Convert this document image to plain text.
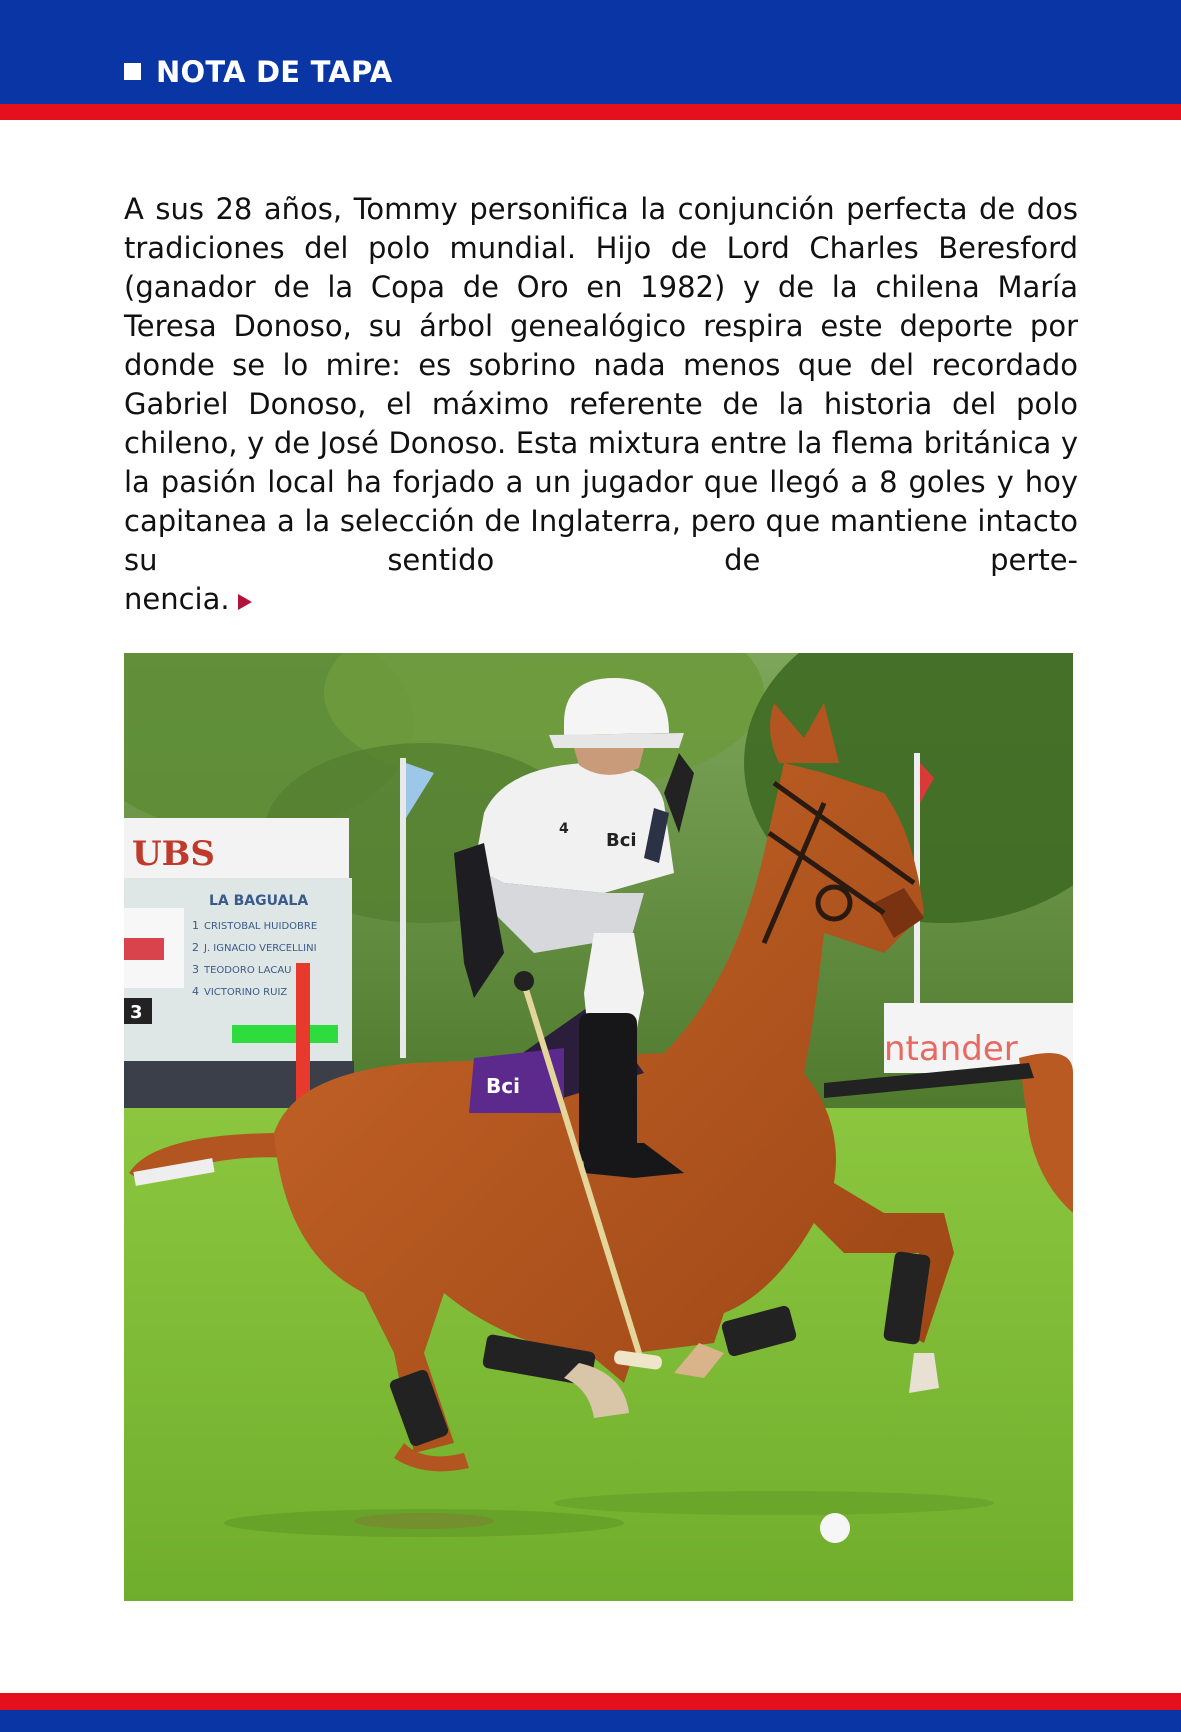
NOTA DE TAPA

A sus 28 años, Tommy personifica la conjunción perfecta de dos tradiciones del polo mundial. Hijo de Lord Charles Beresford (ganador de la Copa de Oro en 1982) y de la chilena María Teresa Donoso, su árbol genealógico respira este deporte por donde se lo mire: es sobrino nada menos que del recordado Gabriel Donoso, el máximo referente de la historia del polo chileno, y de José Donoso. Esta mixtura entre la flema británica y la pasión local ha forjado a un jugador que llegó a 8 goles y hoy capitanea a la selección de Inglaterra, pero que mantiene intacto su sentido de perte-
nencia.

UBS
LA BAGUALA
1 CRISTOBAL HUIDOBRE
2 J. IGNACIO VERCELLINI
3 TEODORO LACAU
4 VICTORINO RUIZ
3
ntander
Bci
Bci
4
